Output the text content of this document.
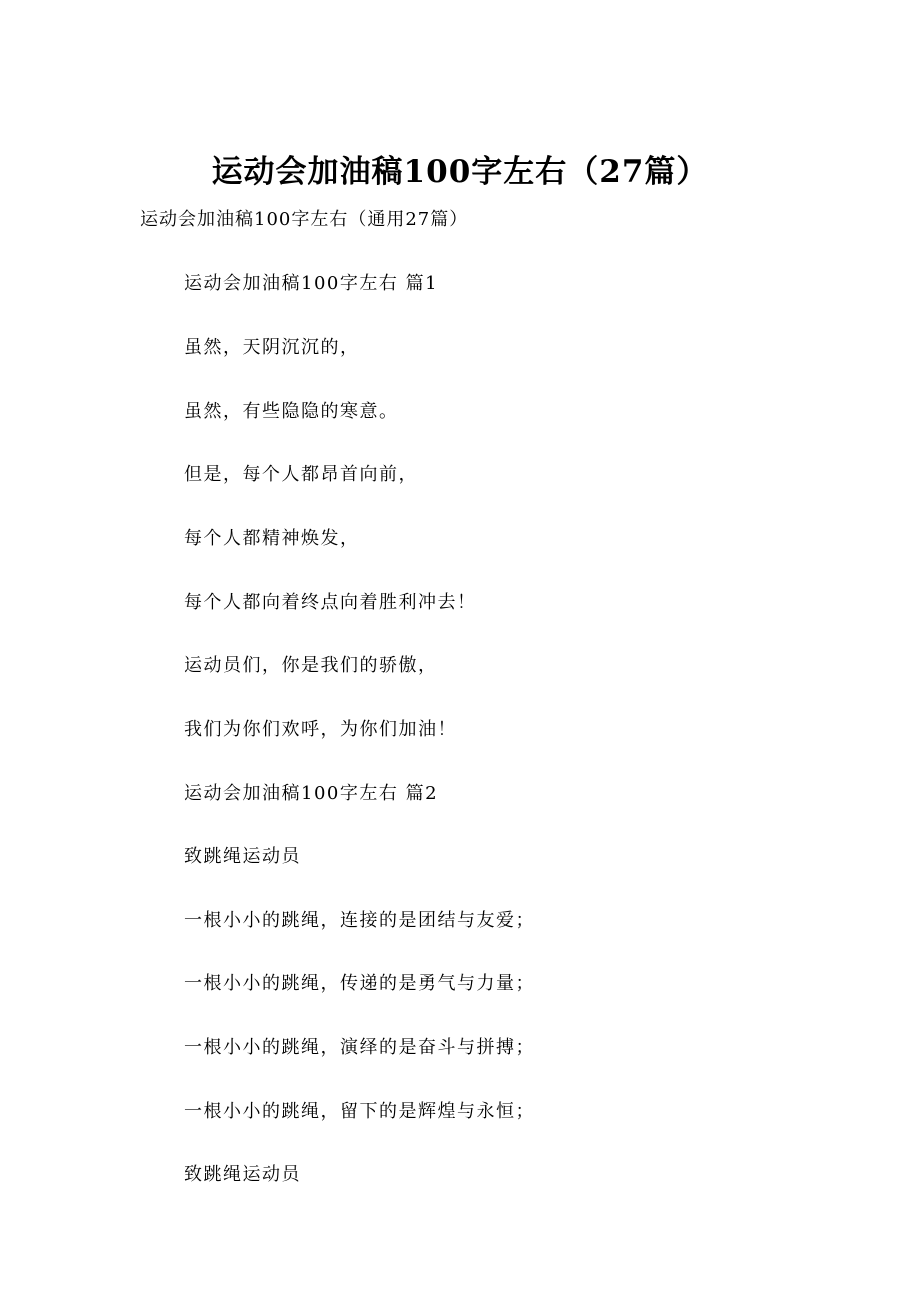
运动会加油稿100字左右（27篇）
运动会加油稿100字左右（通用27篇）
运动会加油稿100字左右 篇1
虽然，天阴沉沉的，
虽然，有些隐隐的寒意。
但是，每个人都昂首向前，
每个人都精神焕发，
每个人都向着终点向着胜利冲去！
运动员们，你是我们的骄傲，
我们为你们欢呼，为你们加油！
运动会加油稿100字左右 篇2
致跳绳运动员
一根小小的跳绳，连接的是团结与友爱；
一根小小的跳绳，传递的是勇气与力量；
一根小小的跳绳，演绎的是奋斗与拼搏；
一根小小的跳绳，留下的是辉煌与永恒；
致跳绳运动员
